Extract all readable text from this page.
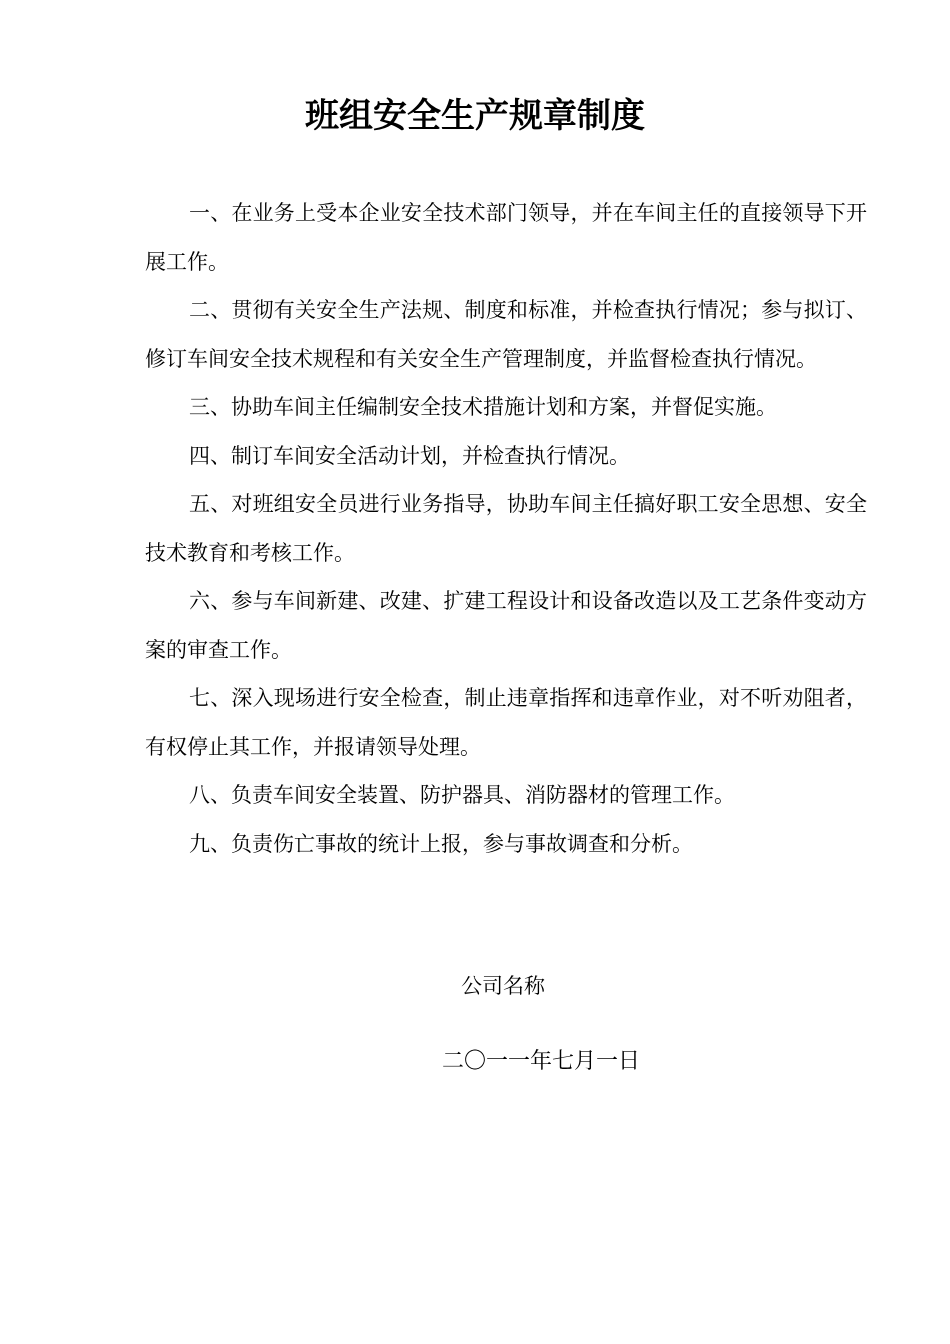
班组安全生产规章制度

一、在业务上受本企业安全技术部门领导，并在车间主任的直接领导下开展工作。

二、贯彻有关安全生产法规、制度和标准，并检查执行情况；参与拟订、修订车间安全技术规程和有关安全生产管理制度，并监督检查执行情况。

三、协助车间主任编制安全技术措施计划和方案，并督促实施。

四、制订车间安全活动计划，并检查执行情况。

五、对班组安全员进行业务指导，协助车间主任搞好职工安全思想、安全技术教育和考核工作。

六、参与车间新建、改建、扩建工程设计和设备改造以及工艺条件变动方案的审查工作。

七、深入现场进行安全检查，制止违章指挥和违章作业，对不听劝阻者，有权停止其工作，并报请领导处理。

八、负责车间安全装置、防护器具、消防器材的管理工作。

九、负责伤亡事故的统计上报，参与事故调查和分析。

公司名称
二〇一一年七月一日
